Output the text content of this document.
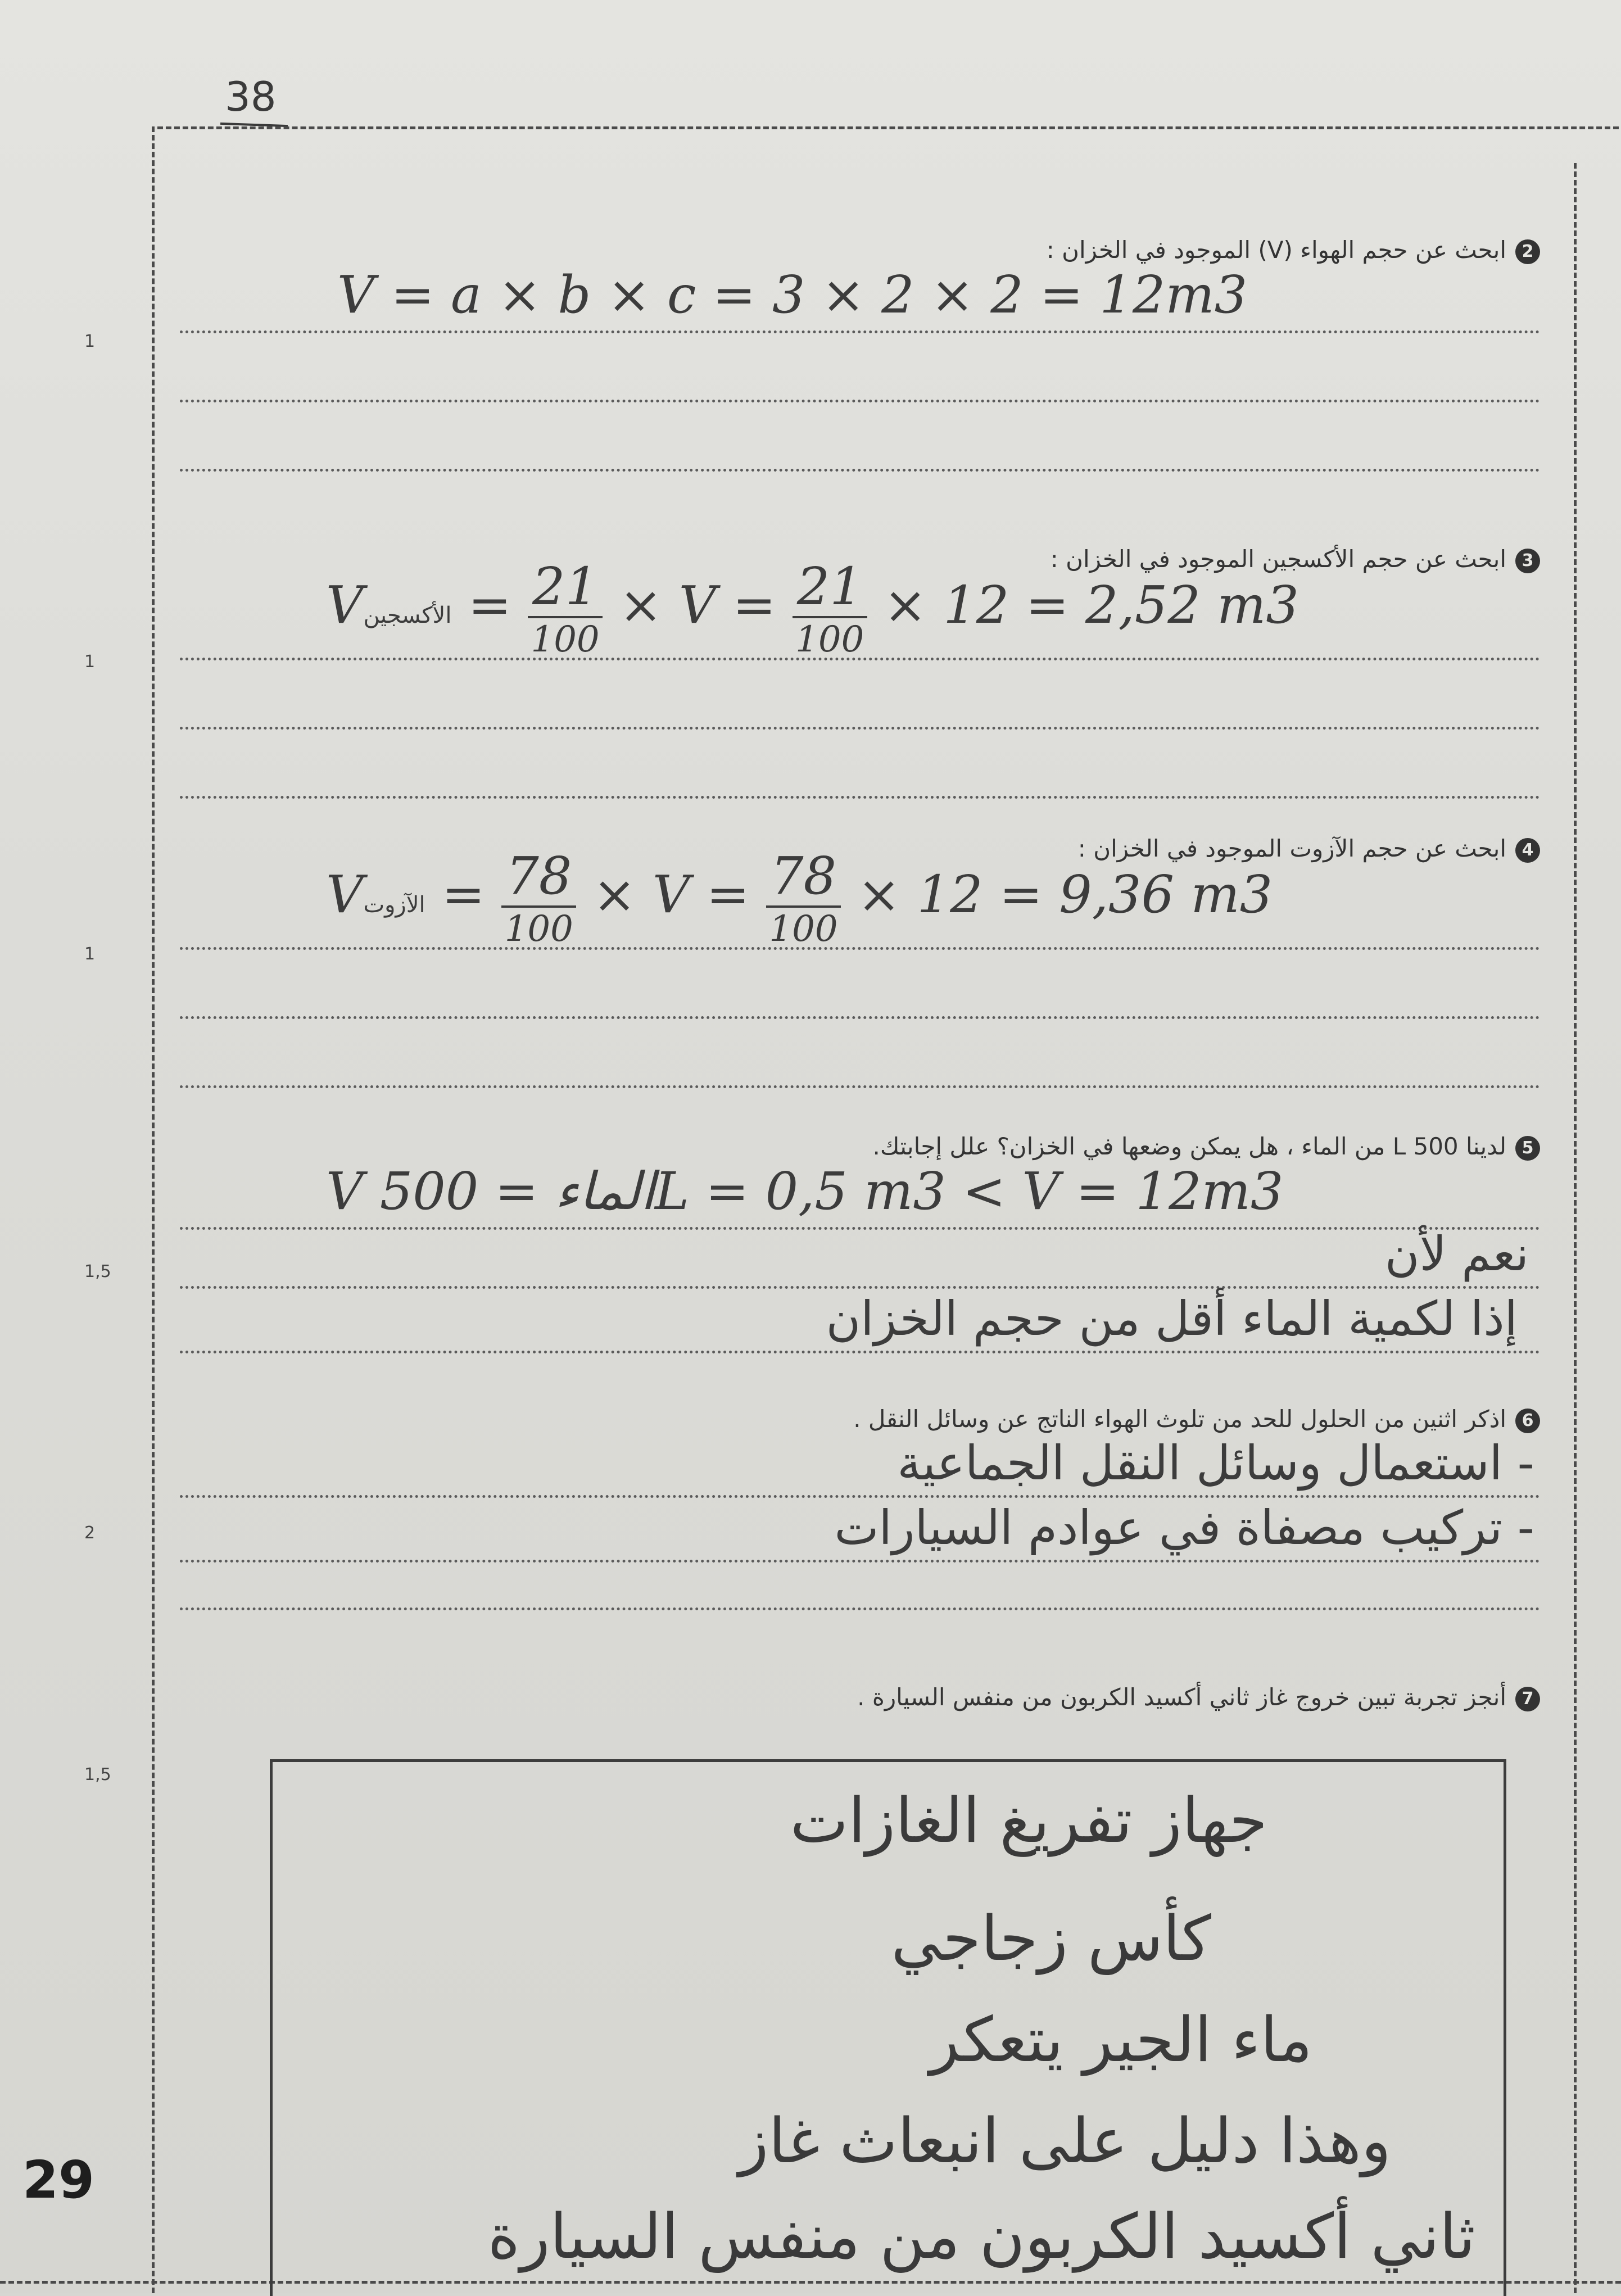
38
2ابحث عن حجم الهواء (V) الموجود في الخزان :
V = a × b × c = 3 × 2 × 2 = 12m3
1
3ابحث عن حجم الأكسجين الموجود في الخزان :
Vالأكسجين = $\frac{21}{100} \times V = \frac{21}{100} \times 12 = 2,52$ m3
1
4ابحث عن حجم الآزوت الموجود في الخزان :
Vالآزوت = $\frac{78}{100} \times V = \frac{78}{100} \times 12 = 9,36$ m3
1
5لدينا 500 L من الماء ، هل يمكن وضعها في الخزان؟ علل إجابتك.
V الماء = 500L = 0,5 m3 < V = 12m3
نعم لأن
إذا لكمية الماء أقل من حجم الخزان
1,5
6اذكر اثنين من الحلول للحد من تلوث الهواء الناتج عن وسائل النقل .
- استعمال وسائل النقل الجماعية
- تركيب مصفاة في عوادم السيارات
2
7أنجز تجربة تبين خروج غاز ثاني أكسيد الكربون من منفس السيارة .
1,5
جهاز تفريغ الغازات
كأس زجاجي
ماء الجير يتعكر
وهذا دليل على انبعاث غاز
ثاني أكسيد الكربون من منفس السيارة
29
